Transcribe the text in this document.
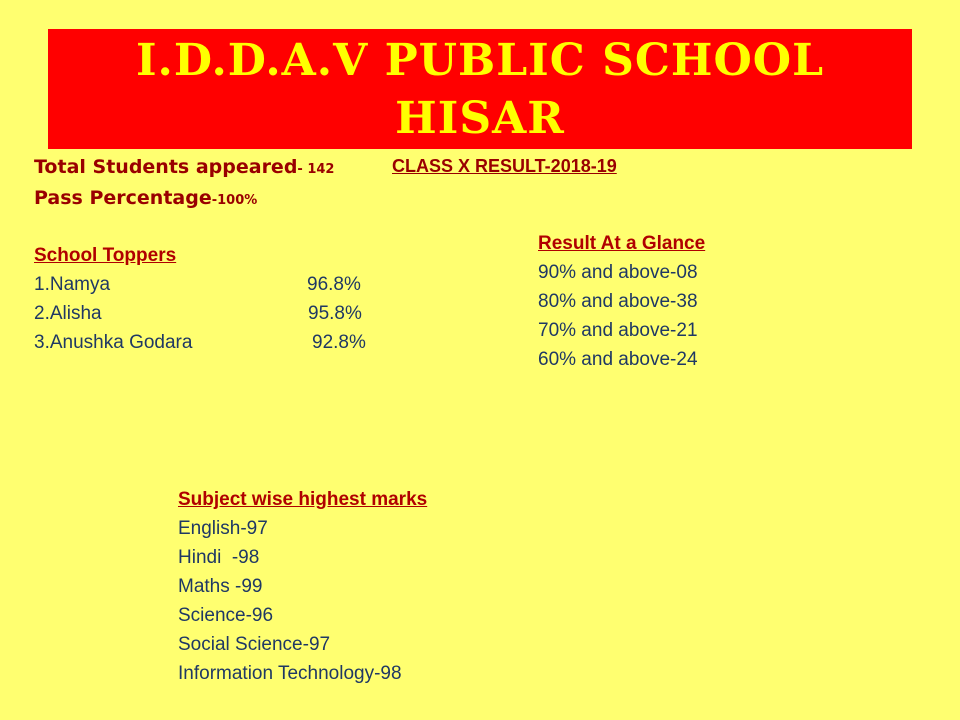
I.D.D.A.V PUBLIC SCHOOL
HISAR
Total Students appeared- 142
Pass Percentage-100%
CLASS X RESULT-2018-19
School Toppers
1.Namya	96.8%
2.Alisha	95.8%
3.Anushka Godara	92.8%
Result At a Glance
90% and above-08
80% and above-38
70% and above-21
60% and above-24
Subject wise highest marks
English-97
Hindi  -98
Maths -99
Science-96
Social Science-97
Information Technology-98
